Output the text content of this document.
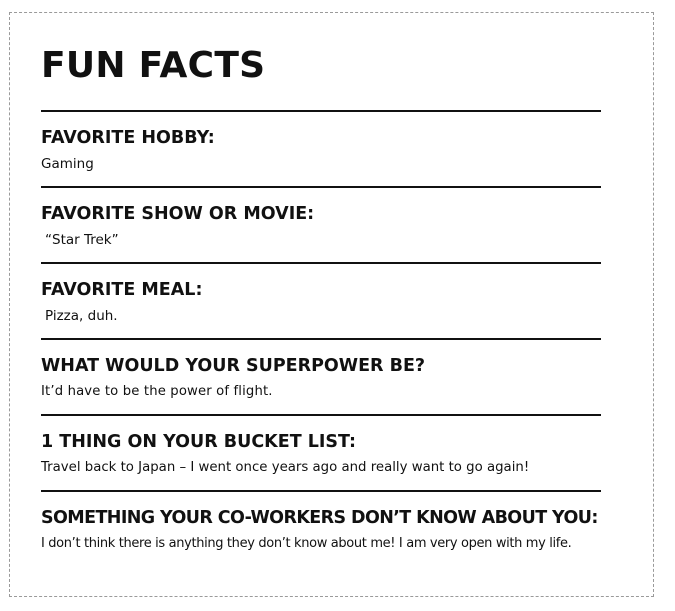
FUN FACTS

FAVORITE HOBBY:

Gaming

FAVORITE SHOW OR MOVIE:

“Star Trek”

FAVORITE MEAL:

Pizza, duh.

WHAT WOULD YOUR SUPERPOWER BE?

It’d have to be the power of flight.

1 THING ON YOUR BUCKET LIST:

Travel back to Japan – I went once years ago and really want to go again!

SOMETHING YOUR CO-WORKERS DON’T KNOW ABOUT YOU:

I don’t think there is anything they don’t know about me! I am very open with my life.
